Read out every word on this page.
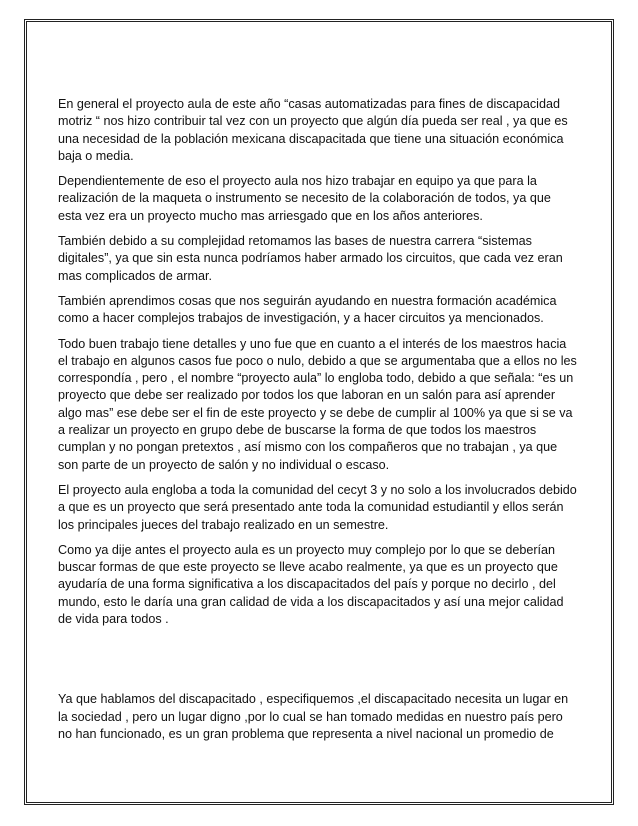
En general el proyecto aula de este año “casas automatizadas para fines de discapacidad motriz “ nos hizo contribuir tal vez con un proyecto que algún día pueda ser real , ya que es una necesidad de la población mexicana discapacitada que tiene una situación económica baja o media.

Dependientemente de eso el proyecto aula nos hizo trabajar en equipo ya que para la realización de la maqueta o instrumento se necesito de la colaboración de todos, ya que esta vez era un proyecto mucho mas arriesgado que en los años anteriores.

También debido a su complejidad retomamos las bases de nuestra carrera “sistemas digitales”, ya que sin esta nunca podríamos haber armado los circuitos, que cada vez eran mas complicados de armar.

También aprendimos cosas que nos seguirán ayudando en nuestra formación académica como a hacer complejos trabajos de investigación, y a hacer circuitos ya mencionados.

Todo buen trabajo tiene detalles y uno fue que en cuanto a el interés de los maestros hacia el trabajo en algunos casos fue poco o nulo, debido a que se argumentaba que a ellos no les correspondía , pero , el nombre “proyecto aula” lo engloba todo, debido a que señala: “es un proyecto que debe ser realizado por todos los que laboran en un salón para así aprender algo mas” ese debe ser el fin de este proyecto y se debe de cumplir al 100% ya que si se va a realizar un proyecto en grupo debe de buscarse la forma de que todos los maestros cumplan y no pongan pretextos , así mismo con los compañeros que no trabajan , ya que son parte de un proyecto de salón y no individual o escaso.

El proyecto aula engloba a toda la comunidad del cecyt 3 y no solo a los involucrados debido a que es un proyecto que será presentado ante toda la comunidad estudiantil y ellos serán los principales jueces del trabajo realizado en un semestre.

Como ya dije antes el proyecto aula es un proyecto muy complejo por lo que se deberían buscar formas de que este proyecto se lleve acabo realmente, ya que es un proyecto que ayudaría de una forma significativa a los discapacitados del país y porque no decirlo , del mundo, esto le daría una gran calidad de vida a los discapacitados y así una mejor calidad de vida para todos .

Ya que hablamos del discapacitado , especifiquemos ,el discapacitado necesita un lugar en la sociedad , pero un lugar digno ,por lo cual se han tomado medidas en nuestro país pero no han funcionado, es un gran problema que representa a nivel nacional un promedio de
